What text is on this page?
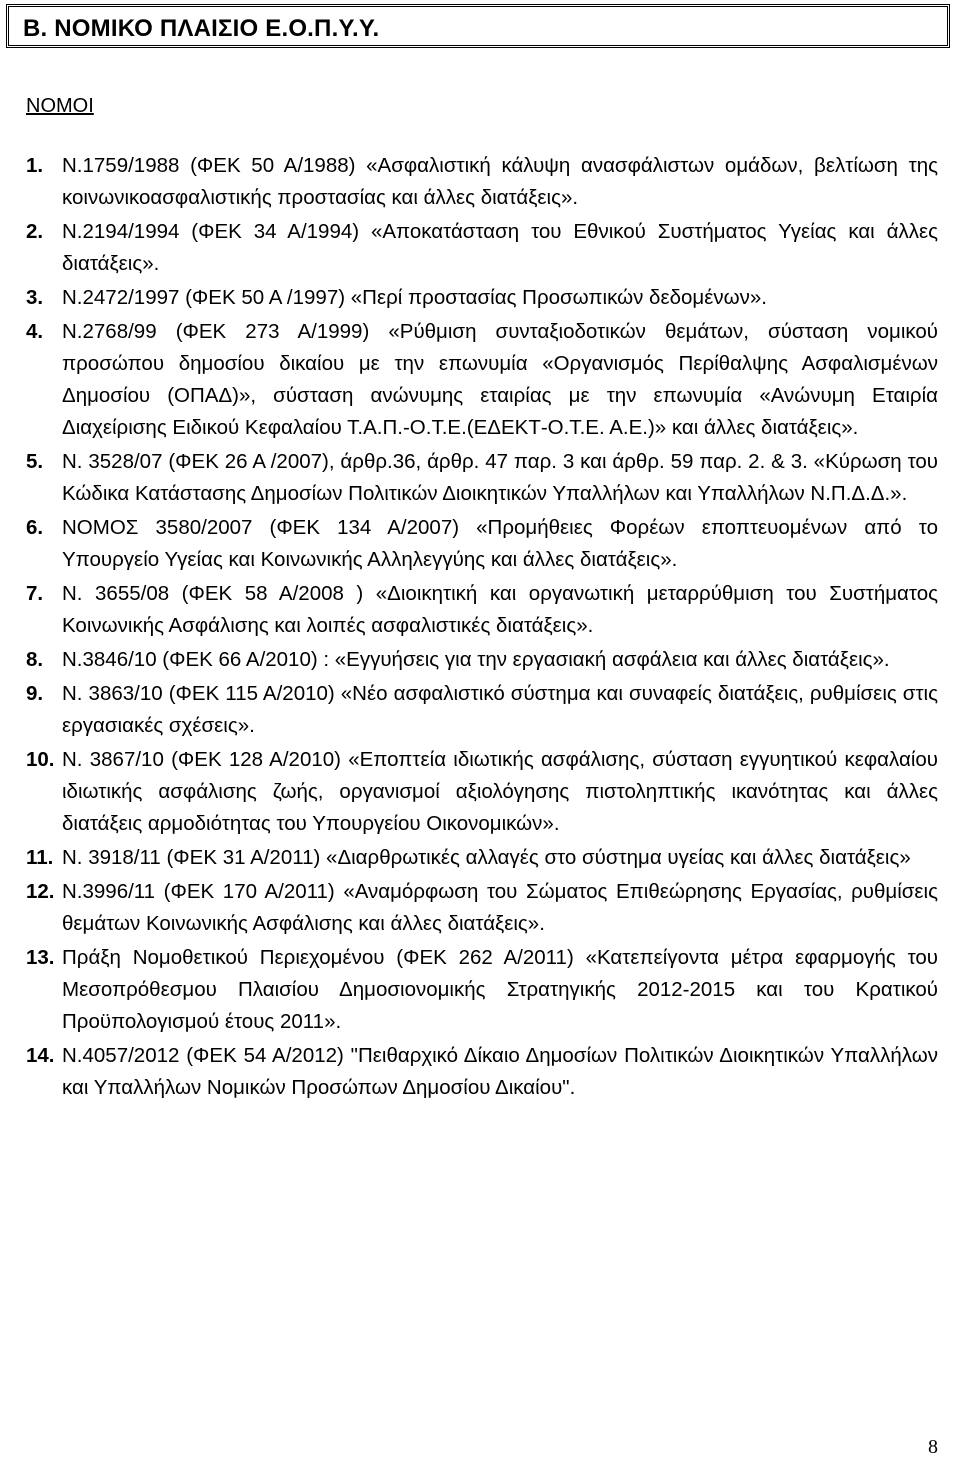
Β. ΝΟΜΙΚΟ ΠΛΑΙΣΙΟ Ε.Ο.Π.Υ.Υ.
ΝΟΜΟΙ
1. Ν.1759/1988 (ΦΕΚ 50 Α/1988) «Ασφαλιστική κάλυψη ανασφάλιστων ομάδων, βελτίωση της κοινωνικοασφαλιστικής προστασίας και άλλες διατάξεις».
2. Ν.2194/1994 (ΦΕΚ 34 Α/1994) «Αποκατάσταση του Εθνικού Συστήματος Υγείας και άλλες διατάξεις».
3. Ν.2472/1997 (ΦΕΚ 50 Α /1997) «Περί προστασίας Προσωπικών δεδομένων».
4. Ν.2768/99 (ΦΕΚ 273 Α/1999) «Ρύθμιση συνταξιοδοτικών θεμάτων, σύσταση νομικού προσώπου δημοσίου δικαίου με την επωνυμία «Οργανισμός Περίθαλψης Ασφαλισμένων Δημοσίου (ΟΠΑΔ)», σύσταση ανώνυμης εταιρίας με την επωνυμία «Ανώνυμη Εταιρία Διαχείρισης Ειδικού Κεφαλαίου Τ.Α.Π.-Ο.Τ.Ε.(ΕΔΕΚΤ-Ο.Τ.Ε. Α.Ε.)» και άλλες διατάξεις».
5. Ν. 3528/07 (ΦΕΚ 26 Α /2007), άρθρ.36, άρθρ. 47 παρ. 3 και άρθρ. 59 παρ. 2. & 3. «Κύρωση του Κώδικα Κατάστασης Δημοσίων Πολιτικών Διοικητικών Υπαλλήλων και Υπαλλήλων Ν.Π.Δ.Δ.».
6. ΝΟΜΟΣ 3580/2007 (ΦΕΚ 134 Α/2007) «Προμήθειες Φορέων εποπτευομένων από το Υπουργείο Υγείας και Κοινωνικής Αλληλεγγύης και άλλες διατάξεις».
7. Ν. 3655/08 (ΦΕΚ 58 Α/2008 ) «Διοικητική και οργανωτική μεταρρύθμιση του Συστήματος Κοινωνικής Ασφάλισης και λοιπές ασφαλιστικές διατάξεις».
8. Ν.3846/10 (ΦΕΚ 66 Α/2010) : «Εγγυήσεις για την εργασιακή ασφάλεια και άλλες διατάξεις».
9. Ν. 3863/10 (ΦΕΚ 115 Α/2010) «Νέο ασφαλιστικό σύστημα και συναφείς διατάξεις, ρυθμίσεις στις εργασιακές σχέσεις».
10. Ν. 3867/10 (ΦΕΚ 128 Α/2010) «Εποπτεία ιδιωτικής ασφάλισης, σύσταση εγγυητικού κεφαλαίου ιδιωτικής ασφάλισης ζωής, οργανισμοί αξιολόγησης πιστοληπτικής ικανότητας και άλλες διατάξεις αρμοδιότητας του Υπουργείου Οικονομικών».
11. Ν. 3918/11 (ΦΕΚ 31 Α/2011) «Διαρθρωτικές αλλαγές στο σύστημα υγείας και άλλες διατάξεις»
12. Ν.3996/11 (ΦΕΚ 170 Α/2011) «Αναμόρφωση του Σώματος Επιθεώρησης Εργασίας, ρυθμίσεις θεμάτων Κοινωνικής Ασφάλισης και άλλες διατάξεις».
13. Πράξη Νομοθετικού Περιεχομένου (ΦΕΚ 262 Α/2011) «Κατεπείγοντα μέτρα εφαρμογής του Μεσοπρόθεσμου Πλαισίου Δημοσιονομικής Στρατηγικής 2012-2015 και του Κρατικού Προϋπολογισμού έτους 2011».
14. Ν.4057/2012 (ΦΕΚ 54 Α/2012) "Πειθαρχικό Δίκαιο Δημοσίων Πολιτικών Διοικητικών Υπαλλήλων και Υπαλλήλων Νομικών Προσώπων Δημοσίου Δικαίου".
8
